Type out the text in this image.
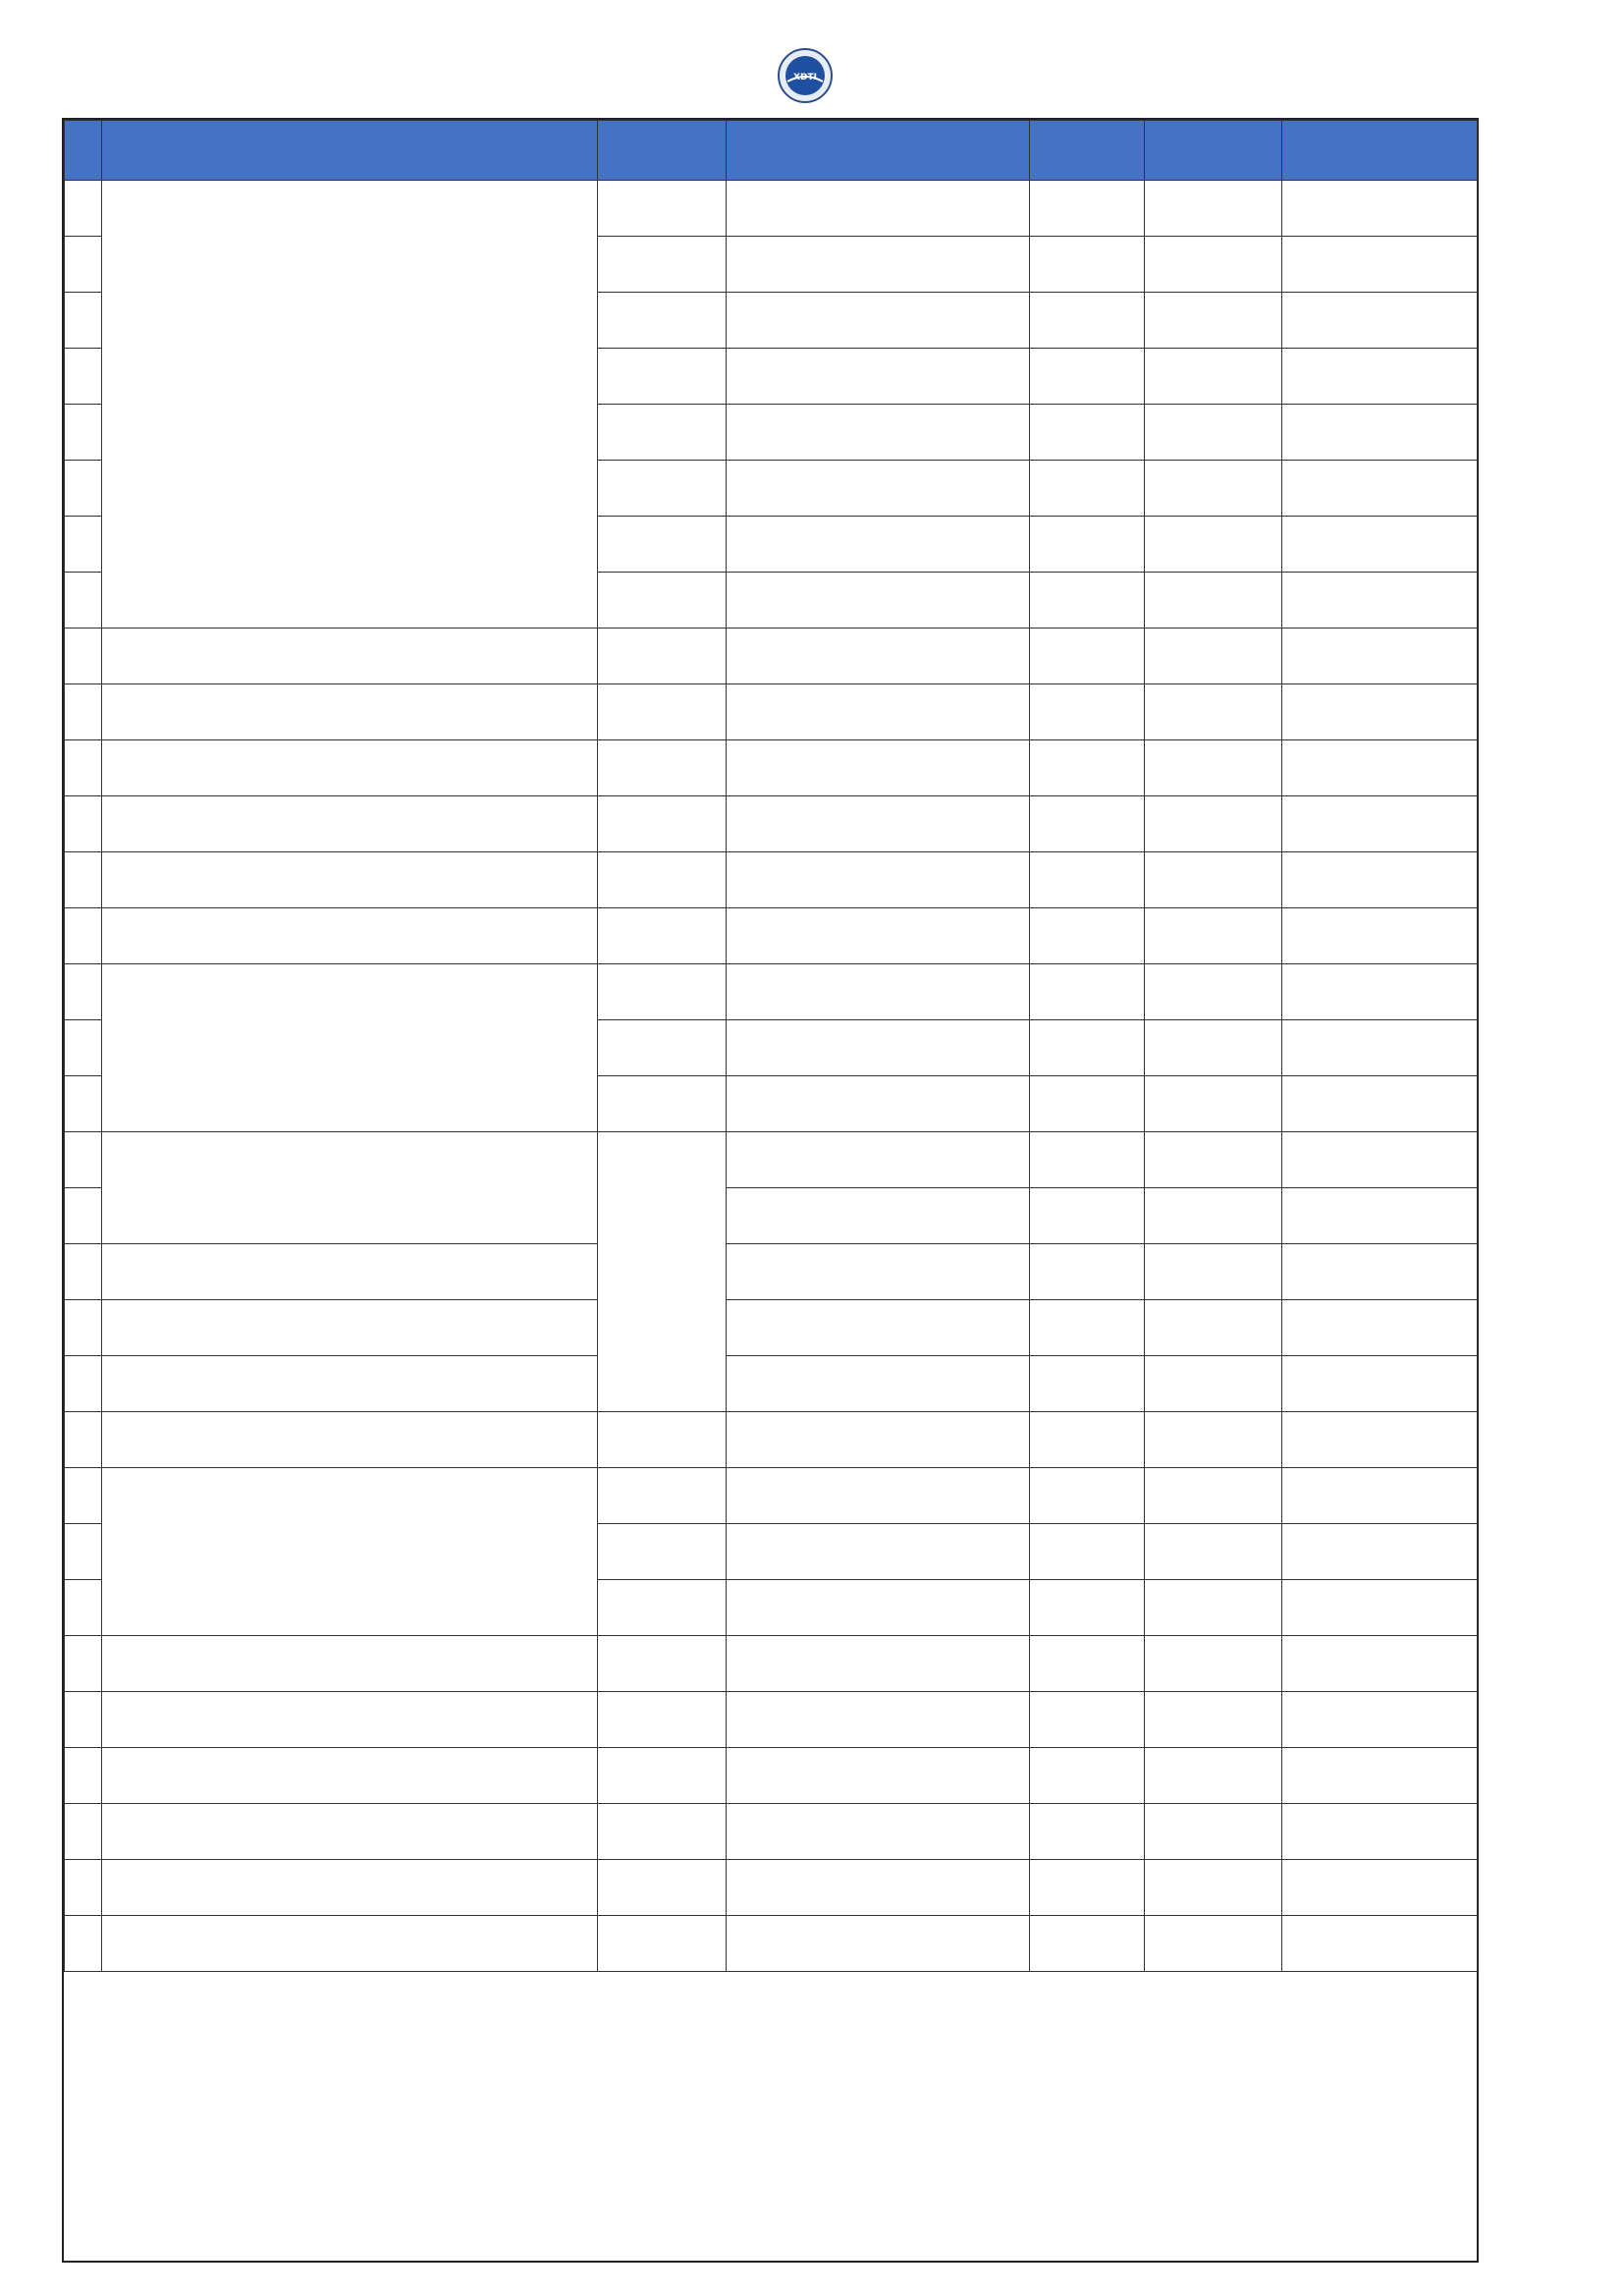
XDTI
